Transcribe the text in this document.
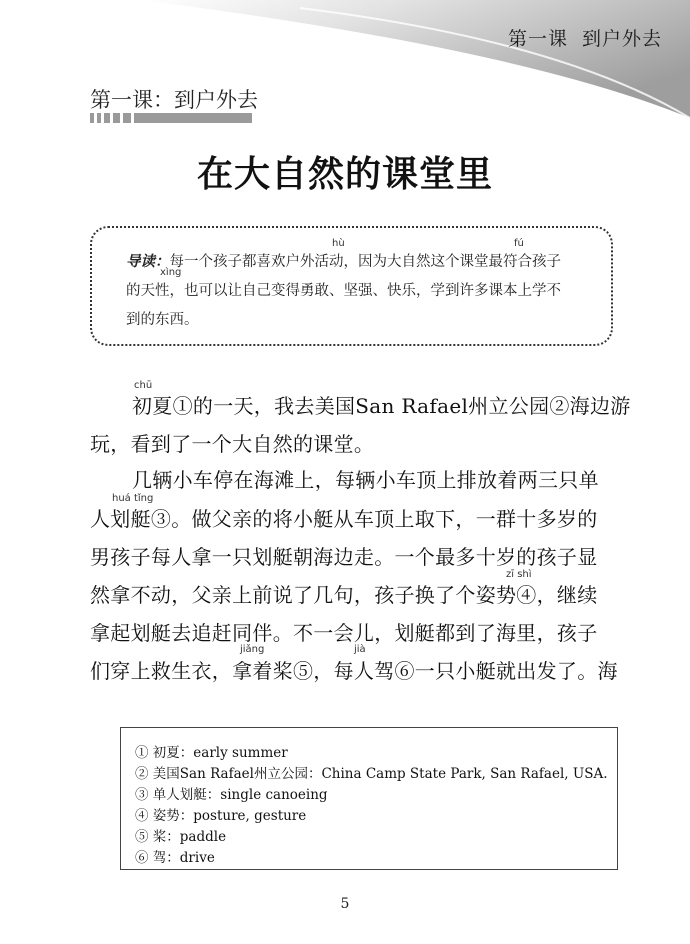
第一课 到户外去
第一课：到户外去
在大自然的课堂里
hù	fú
导读：每一个孩子都喜欢户外活动，因为大自然这个课堂最符合孩子
xìng
的天性，也可以让自己变得勇敢、坚强、快乐，学到许多课本上学不
到的东西。
chū
huá tǐng
zī shì
jiǎng	jià
初夏①的一天，我去美国San Rafael州立公园②海边游
玩，看到了一个大自然的课堂。
几辆小车停在海滩上，每辆小车顶上排放着两三只单
人划艇③。做父亲的将小艇从车顶上取下，一群十多岁的
男孩子每人拿一只划艇朝海边走。一个最多十岁的孩子显
然拿不动，父亲上前说了几句，孩子换了个姿势④，继续
拿起划艇去追赶同伴。不一会儿，划艇都到了海里，孩子
们穿上救生衣，拿着桨⑤，每人驾⑥一只小艇就出发了。海
① 初夏：early summer
② 美国San Rafael州立公园：China Camp State Park, San Rafael, USA.
③ 单人划艇：single canoeing
④ 姿势：posture, gesture
⑤ 桨：paddle
⑥ 驾：drive
5
